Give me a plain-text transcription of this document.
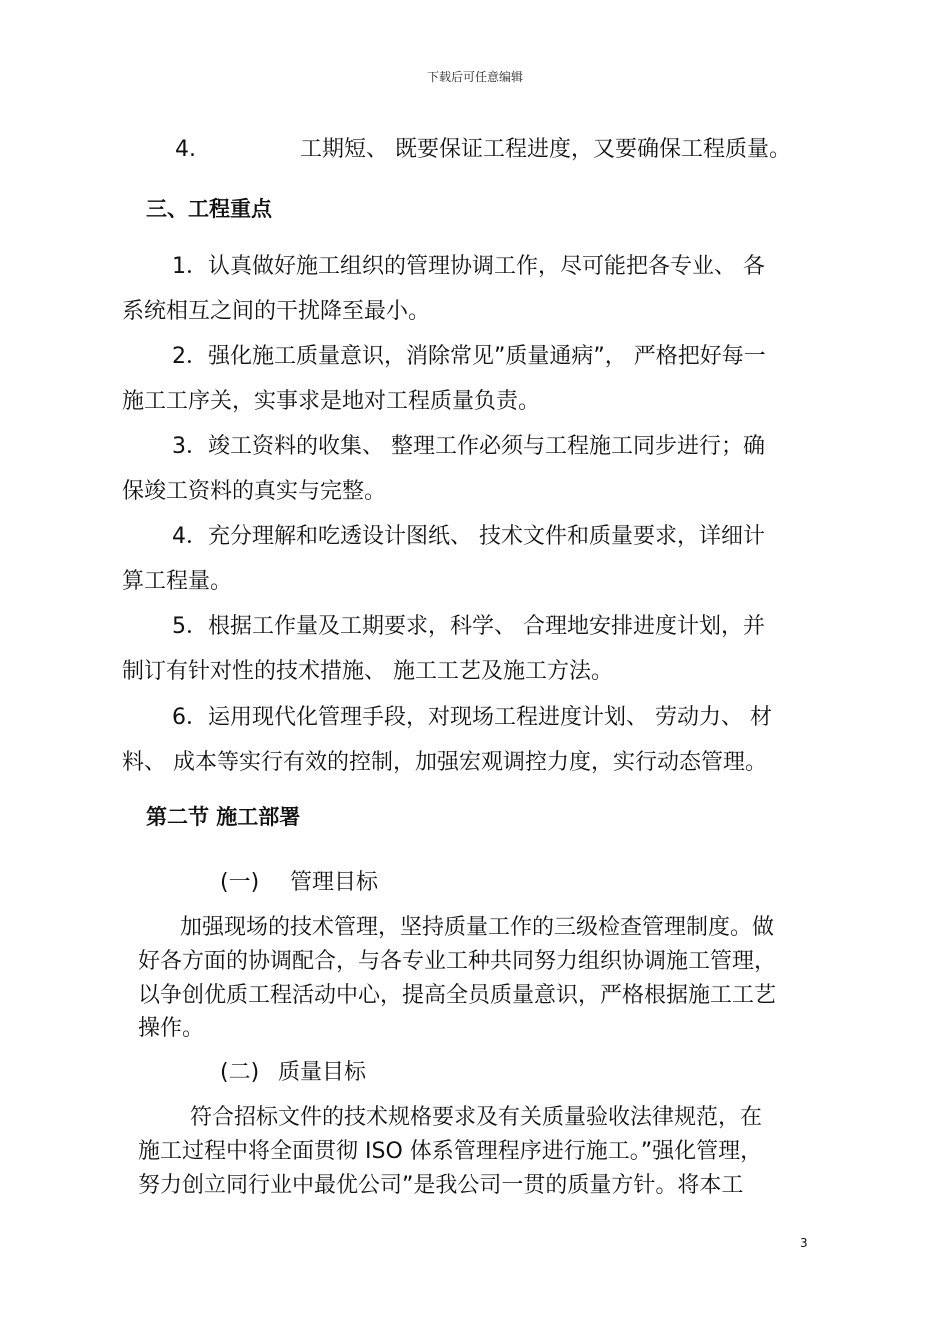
下载后可任意编辑
4.	工期短、 既要保证工程进度，又要确保工程质量。
三、工程重点
1．认真做好施工组织的管理协调工作，尽可能把各专业、 各
系统相互之间的干扰降至最小。
2．强化施工质量意识，消除常见”质量通病”， 严格把好每一
施工工序关，实事求是地对工程质量负责。
3．竣工资料的收集、 整理工作必须与工程施工同步进行；确
保竣工资料的真实与完整。
4．充分理解和吃透设计图纸、 技术文件和质量要求，详细计
算工程量。
5．根据工作量及工期要求，科学、 合理地安排进度计划，并
制订有针对性的技术措施、 施工工艺及施工方法。
6．运用现代化管理手段，对现场工程进度计划、 劳动力、 材
料、 成本等实行有效的控制，加强宏观调控力度，实行动态管理。
第二节 施工部署
(一) 管理目标
加强现场的技术管理，坚持质量工作的三级检查管理制度。做
好各方面的协调配合，与各专业工种共同努力组织协调施工管理，
以争创优质工程活动中心，提高全员质量意识，严格根据施工工艺
操作。
(二) 质量目标
符合招标文件的技术规格要求及有关质量验收法律规范，在
施工过程中将全面贯彻 ISO 体系管理程序进行施工。”强化管理，
努力创立同行业中最优公司”是我公司一贯的质量方针。将本工
3
